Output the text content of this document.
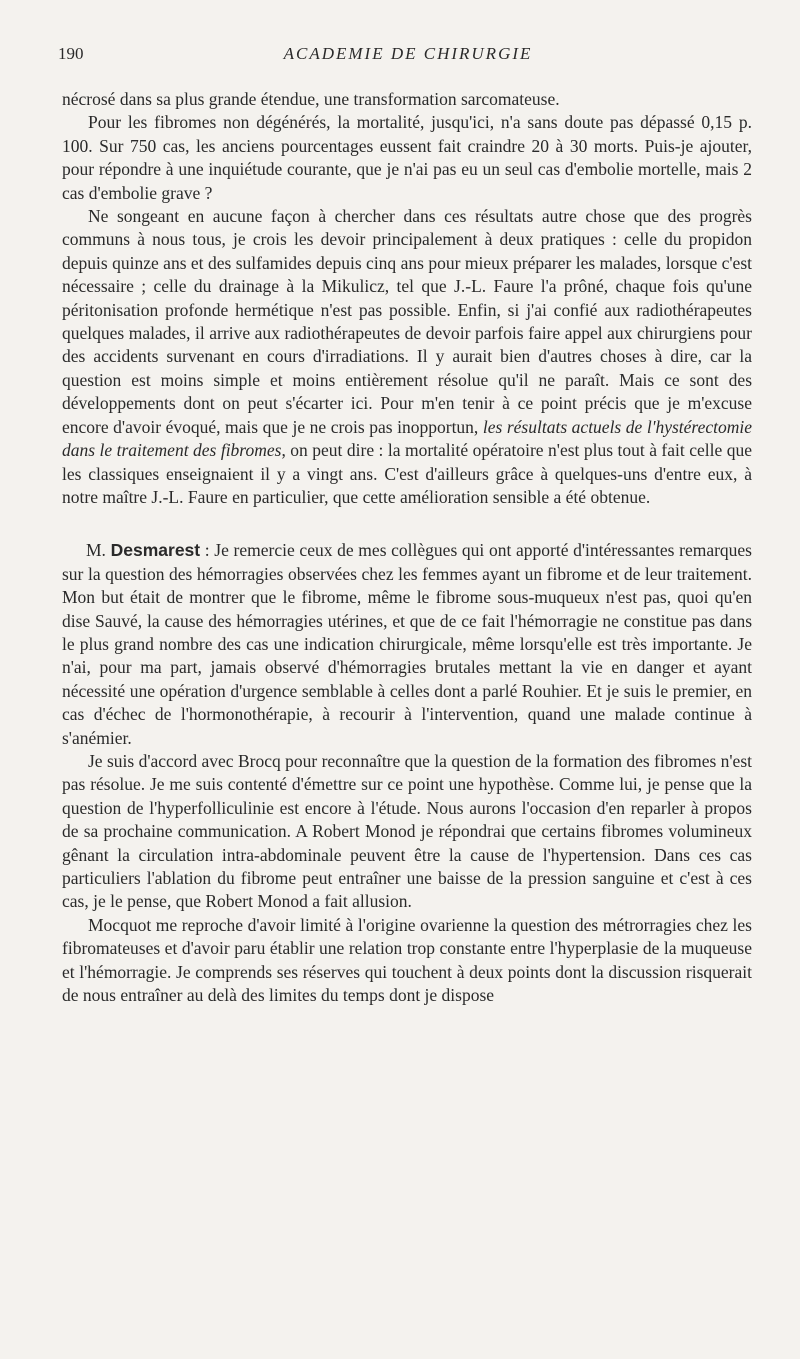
190	ACADEMIE DE CHIRURGIE

nécrosé dans sa plus grande étendue, une transformation sarcomateuse.

Pour les fibromes non dégénérés, la mortalité, jusqu'ici, n'a sans doute pas dépassé 0,15 p. 100. Sur 750 cas, les anciens pourcentages eussent fait craindre 20 à 30 morts. Puis-je ajouter, pour répondre à une inquiétude courante, que je n'ai pas eu un seul cas d'embolie mortelle, mais 2 cas d'embolie grave ?

Ne songeant en aucune façon à chercher dans ces résultats autre chose que des progrès communs à nous tous, je crois les devoir principalement à deux pratiques : celle du propidon depuis quinze ans et des sulfamides depuis cinq ans pour mieux préparer les malades, lorsque c'est nécessaire ; celle du drainage à la Mikulicz, tel que J.-L. Faure l'a prôné, chaque fois qu'une péritonisation profonde hermétique n'est pas possible. Enfin, si j'ai confié aux radiothérapeutes quelques malades, il arrive aux radiothérapeutes de devoir parfois faire appel aux chirurgiens pour des accidents survenant en cours d'irradiations. Il y aurait bien d'autres choses à dire, car la question est moins simple et moins entièrement résolue qu'il ne paraît. Mais ce sont des développements dont on peut s'écarter ici. Pour m'en tenir à ce point précis que je m'excuse encore d'avoir évoqué, mais que je ne crois pas inopportun, les résultats actuels de l'hystérectomie dans le traitement des fibromes, on peut dire : la mortalité opératoire n'est plus tout à fait celle que les classiques enseignaient il y a vingt ans. C'est d'ailleurs grâce à quelques-uns d'entre eux, à notre maître J.-L. Faure en particulier, que cette amélioration sensible a été obtenue.

M. Desmarest : Je remercie ceux de mes collègues qui ont apporté d'intéressantes remarques sur la question des hémorragies observées chez les femmes ayant un fibrome et de leur traitement. Mon but était de montrer que le fibrome, même le fibrome sous-muqueux n'est pas, quoi qu'en dise Sauvé, la cause des hémorragies utérines, et que de ce fait l'hémorragie ne constitue pas dans le plus grand nombre des cas une indication chirurgicale, même lorsqu'elle est très importante. Je n'ai, pour ma part, jamais observé d'hémorragies brutales mettant la vie en danger et ayant nécessité une opération d'urgence semblable à celles dont a parlé Rouhier. Et je suis le premier, en cas d'échec de l'hormonothérapie, à recourir à l'intervention, quand une malade continue à s'anémier.

Je suis d'accord avec Brocq pour reconnaître que la question de la formation des fibromes n'est pas résolue. Je me suis contenté d'émettre sur ce point une hypothèse. Comme lui, je pense que la question de l'hyperfolliculinie est encore à l'étude. Nous aurons l'occasion d'en reparler à propos de sa prochaine communication. A Robert Monod je répondrai que certains fibromes volumineux gênant la circulation intra-abdominale peuvent être la cause de l'hypertension. Dans ces cas particuliers l'ablation du fibrome peut entraîner une baisse de la pression sanguine et c'est à ces cas, je le pense, que Robert Monod a fait allusion.

Mocquot me reproche d'avoir limité à l'origine ovarienne la question des métrorragies chez les fibromateuses et d'avoir paru établir une relation trop constante entre l'hyperplasie de la muqueuse et l'hémorragie. Je comprends ses réserves qui touchent à deux points dont la discussion risquerait de nous entraîner au delà des limites du temps dont je dispose
